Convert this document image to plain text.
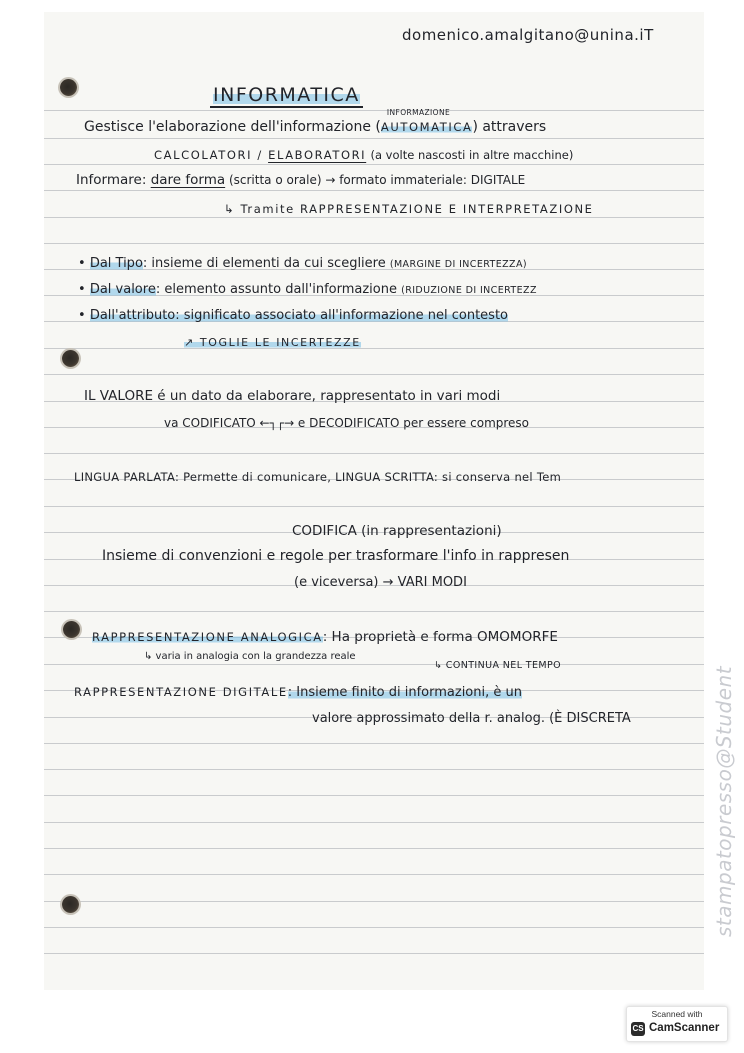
domenico.amalgitano@unina.iT
INFORMATICA
Gestisce l'elaborazione dell'informazione (
INFORMAZIONE
AUTOMATICA) attravers
CALCOLATORI / ELABORATORI (a volte nascosti in altre macchine)
Informare: dare forma (scritta o orale) → formato immateriale: DIGITALE
↳ Tramite RAPPRESENTAZIONE E INTERPRETAZIONE
• Dal Tipo: insieme di elementi da cui scegliere (MARGINE DI INCERTEZZA)
• Dal valore: elemento assunto dall'informazione (RIDUZIONE DI INCERTEZZ
• Dall'attributo: significato associato all'informazione nel contesto
↗ TOGLIE LE INCERTEZZE
IL VALORE é un dato da elaborare, rappresentato in vari modi
va CODIFICATO ←┐┌→ e DECODIFICATO per essere compreso
LINGUA PARLATA: Permette di comunicare, LINGUA SCRITTA: si conserva nel Tem
CODIFICA (in rappresentazioni)
Insieme di convenzioni e regole per trasformare l'info in rappresen
(e viceversa) → VARI MODI
RAPPRESENTAZIONE ANALOGICA: Ha proprietà e forma OMOMORFE
↳ varia in analogia con la grandezza reale
↳ CONTINUA NEL TEMPO
RAPPRESENTAZIONE DIGITALE: Insieme finito di informazioni, è un
valore approssimato della r. analog. (È DISCRETA	stampatopresso@Student
Scanned with
CS CamScanner
